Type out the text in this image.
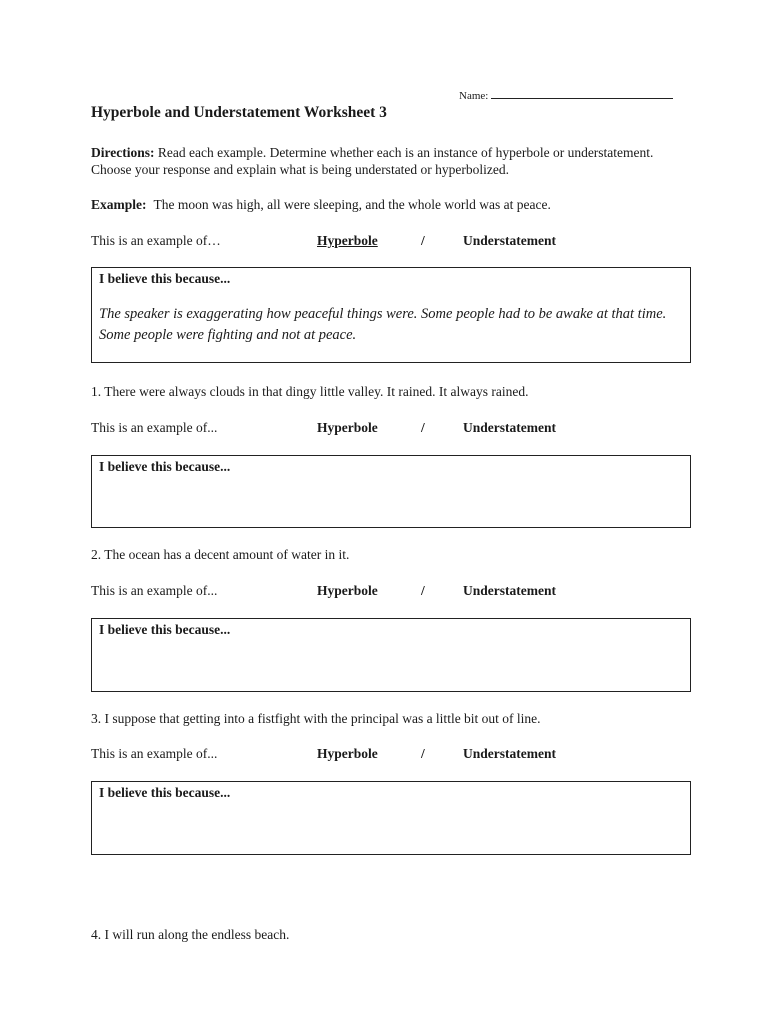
Name:
Hyperbole and Understatement Worksheet 3
Directions: Read each example. Determine whether each is an instance of hyperbole or understatement. Choose your response and explain what is being understated or hyperbolized.
Example: The moon was high, all were sleeping, and the whole world was at peace.
This is an example of…	Hyperbole	/	Understatement
I believe this because...
The speaker is exaggerating how peaceful things were. Some people had to be awake at that time. Some people were fighting and not at peace.
1. There were always clouds in that dingy little valley. It rained. It always rained.
This is an example of...	Hyperbole	/	Understatement
I believe this because...
2. The ocean has a decent amount of water in it.
This is an example of...	Hyperbole	/	Understatement
I believe this because...
3. I suppose that getting into a fistfight with the principal was a little bit out of line.
This is an example of...	Hyperbole	/	Understatement
I believe this because...
4. I will run along the endless beach.
